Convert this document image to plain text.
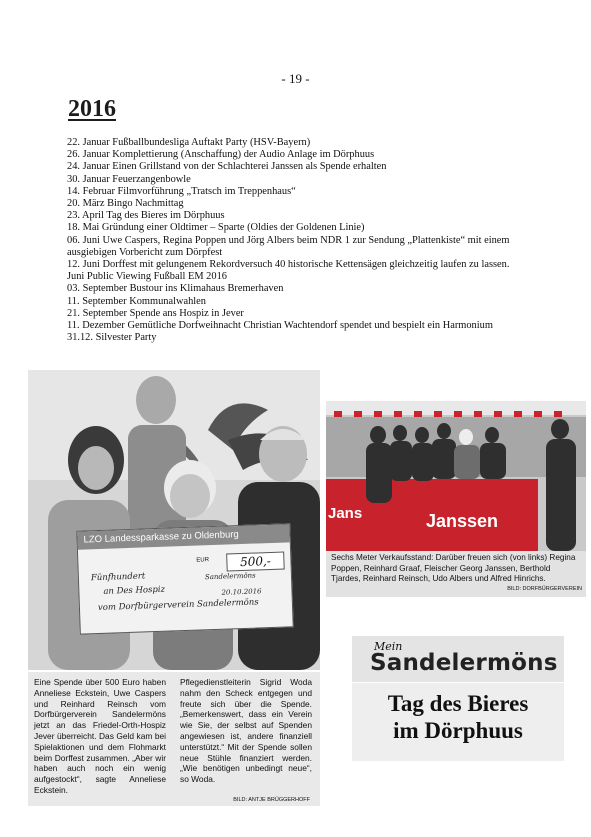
- 19 -
2016
22. Januar Fußballbundesliga Auftakt Party (HSV-Bayern)
26. Januar Komplettierung (Anschaffung) der Audio Anlage im Dörphuus
24. Januar Einen Grillstand von der Schlachterei Janssen als Spende erhalten
30. Januar Feuerzangenbowle
14. Februar Filmvorführung „Tratsch im Treppenhaus“
20. März Bingo Nachmittag
23. April Tag des Bieres im Dörphuus
18. Mai Gründung einer Oldtimer – Sparte (Oldies der Goldenen Linie)
06. Juni Uwe Caspers, Regina Poppen und Jörg Albers beim NDR 1 zur Sendung „Plattenkiste“ mit einem ausgiebigen Vorbericht zum Dörpfest
12. Juni Dorffest mit gelungenem Rekordversuch 40 historische Kettensägen gleichzeitig laufen zu lassen.
Juni Public Viewing Fußball EM 2016
03. September Bustour ins Klimahaus Bremerhaven
11. September Kommunalwahlen
21. September Spende ans Hospiz in Jever
11. Dezember Gemütliche Dorfweihnacht Christian Wachtendorf spendet und bespielt ein Harmonium
31.12. Silvester Party
LZO Landessparkasse zu Oldenburg
EUR	500,-
Fünfhundert	Sandelermöns
an Des Hospiz	20.10.2016
vom Dorfbürgerverein Sandelermöns
Eine Spende über 500 Euro haben Anneliese Eckstein, Uwe Caspers und Reinhard Reinsch vom Dorfbürgerverein Sandelermöns jetzt an das Friedel-Orth-Hospiz Jever überreicht. Das Geld kam bei Spielaktionen und dem Flohmarkt beim Dorffest zusammen. „Aber wir haben auch noch ein wenig aufgestockt“, sagte Anneliese Eckstein.
Pflegedienstleiterin Sigrid Woda nahm den Scheck entgegen und freute sich über die Spende. „Bemerkenswert, dass ein Verein wie Sie, der selbst auf Spenden angewiesen ist, andere finanziell unterstützt.“ Mit der Spende sollen neue Stühle finanziert werden. „Wie benötigen unbedingt neue“, so Woda.
BILD: ANTJE BRÜGGERHOFF
Jans	Janssen
Sechs Meter Verkaufsstand: Darüber freuen sich (von links) Regina Poppen, Reinhard Graaf, Fleischer Georg Janssen, Berthold Tjardes, Reinhard Reinsch, Udo Albers und Alfred Hinrichs.
BILD: DORFBÜRGERVEREIN
Mein
Sandelermöns
Tag des Bieres
im Dörphuus
